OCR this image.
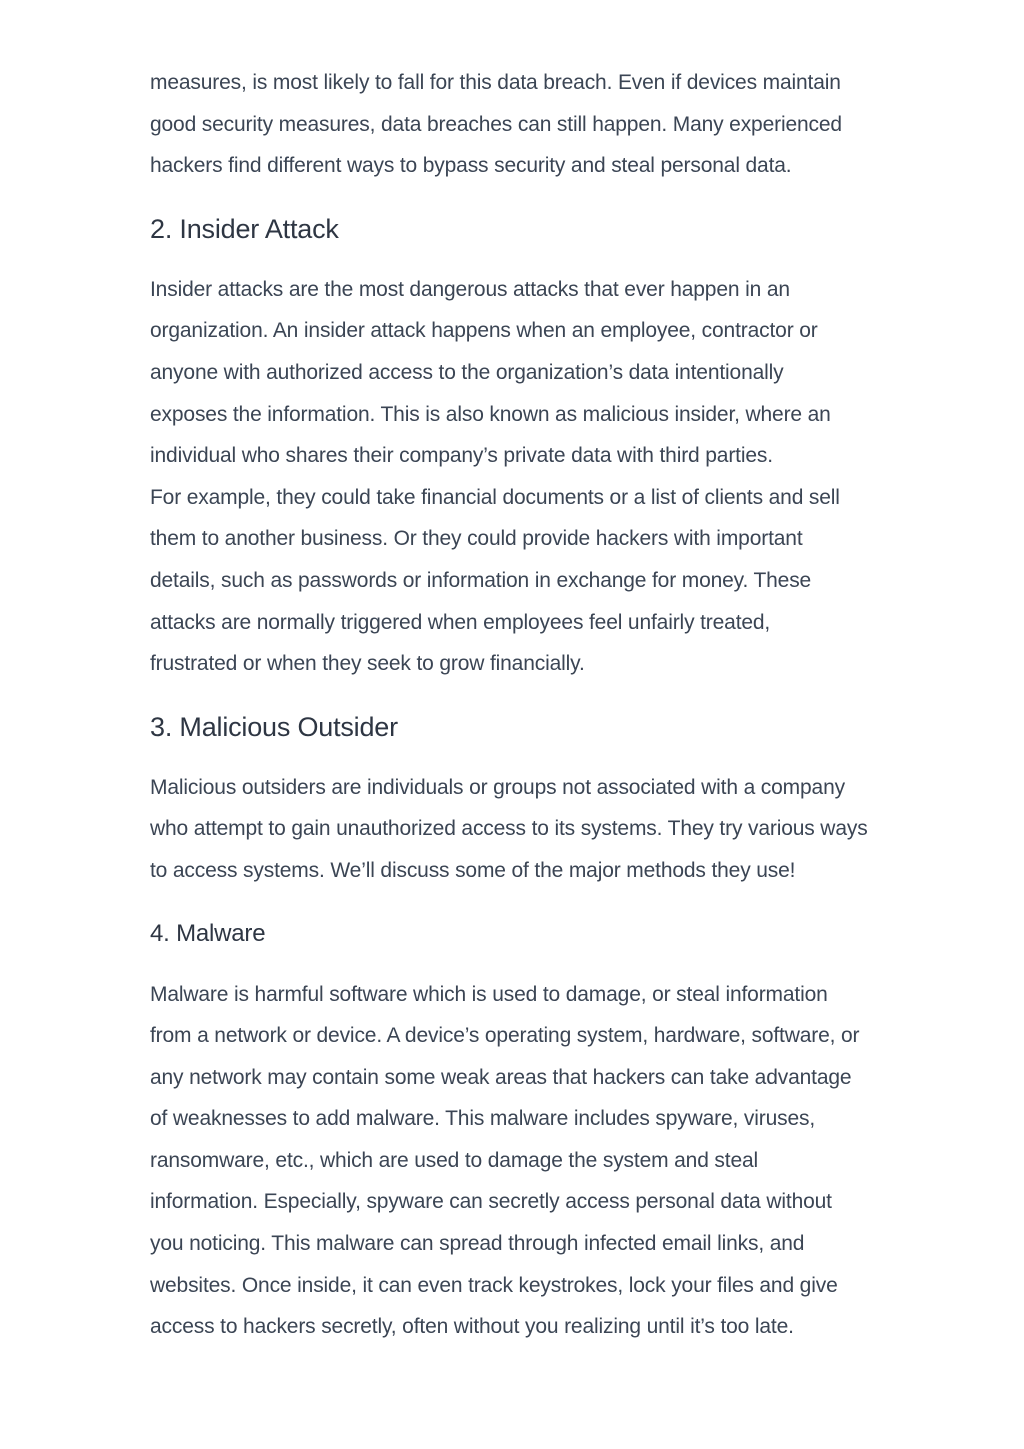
measures, is most likely to fall for this data breach. Even if devices maintain
good security measures, data breaches can still happen. Many experienced
hackers find different ways to bypass security and steal personal data.

2. Insider Attack

Insider attacks are the most dangerous attacks that ever happen in an
organization. An insider attack happens when an employee, contractor or
anyone with authorized access to the organization’s data intentionally
exposes the information. This is also known as malicious insider, where an
individual who shares their company’s private data with third parties.
For example, they could take financial documents or a list of clients and sell
them to another business. Or they could provide hackers with important
details, such as passwords or information in exchange for money. These
attacks are normally triggered when employees feel unfairly treated,
frustrated or when they seek to grow financially.

3. Malicious Outsider

Malicious outsiders are individuals or groups not associated with a company
who attempt to gain unauthorized access to its systems. They try various ways
to access systems. We’ll discuss some of the major methods they use!

4. Malware

Malware is harmful software which is used to damage, or steal information
from a network or device. A device’s operating system, hardware, software, or
any network may contain some weak areas that hackers can take advantage
of weaknesses to add malware. This malware includes spyware, viruses,
ransomware, etc., which are used to damage the system and steal
information. Especially, spyware can secretly access personal data without
you noticing. This malware can spread through infected email links, and
websites. Once inside, it can even track keystrokes, lock your files and give
access to hackers secretly, often without you realizing until it’s too late.
